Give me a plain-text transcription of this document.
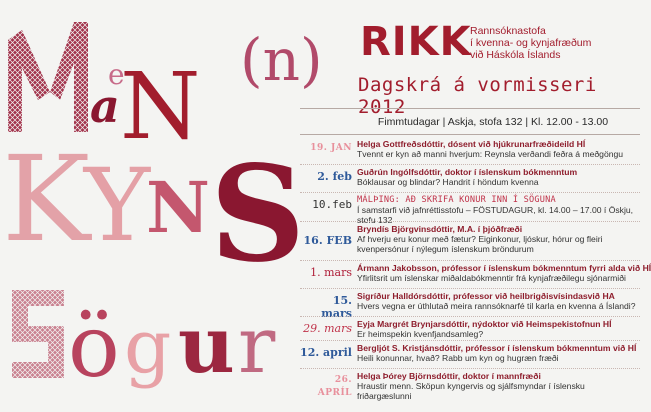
a N
e (n)
K
Y
N S
ö g u r
MaN
RIKK
Rannsóknastofa
í kvenna- og kynjafræðum
við Háskóla Íslands
Dagskrá á vormisseri 2012
Fimmtudagar | Askja, stofa 132 | Kl. 12.00 - 13.00
19. JAN Helga Gottfreðsdóttir, dósent við hjúkrunarfræðideild HÍ
Tvennt er kyn að manni hverjum: Reynsla verðandi feðra á meðgöngu
2. feb Guðrún Ingólfsdóttir, doktor í íslenskum bókmenntum
Bóklausar og blindar? Handrit í höndum kvenna
10.feb MÁLÞING: AÐ SKRIFA KONUR INN Í SÖGUNA
Í samstarfi við jafnréttisstofu – FÖSTUDAGUR, kl. 14.00 – 17.00 í Öskju, stofu 132
16. FEB
Bryndís Björgvinsdóttir, M.A. í þjóðfræði
Af hverju eru konur með fætur? Eiginkonur, ljóskur, hórur og fleiri kvenpersónur í nýlegum íslenskum bröndurum
1. mars Ármann Jakobsson, prófessor í íslenskum bókmenntum fyrri alda við HÍ
Yfirlitsrit um íslenskar miðaldabókmenntir frá kynjafræðilegu sjónarmiði
15. mars
Sigríður Halldórsdóttir, prófessor við heilbrigðisvísindasvið HA
Hvers vegna er úthlutað meira rannsóknarfé til karla en kvenna á Íslandi?
29. mars Eyja Margrét Brynjarsdóttir, nýdoktor við Heimspekistofnun HÍ
Er heimspekin kvenfjandsamleg?
12. april Bergljót S. Kristjánsdóttir, prófessor í íslenskum bókmenntum við HÍ
Heili konunnar, hvað? Rabb um kyn og hugræn fræði
26. APRÍL
Helga Þórey Björnsdóttir, doktor í mannfræði
Hraustir menn. Sköpun kyngervis og sjálfsmyndar í íslensku friðargæslunni
